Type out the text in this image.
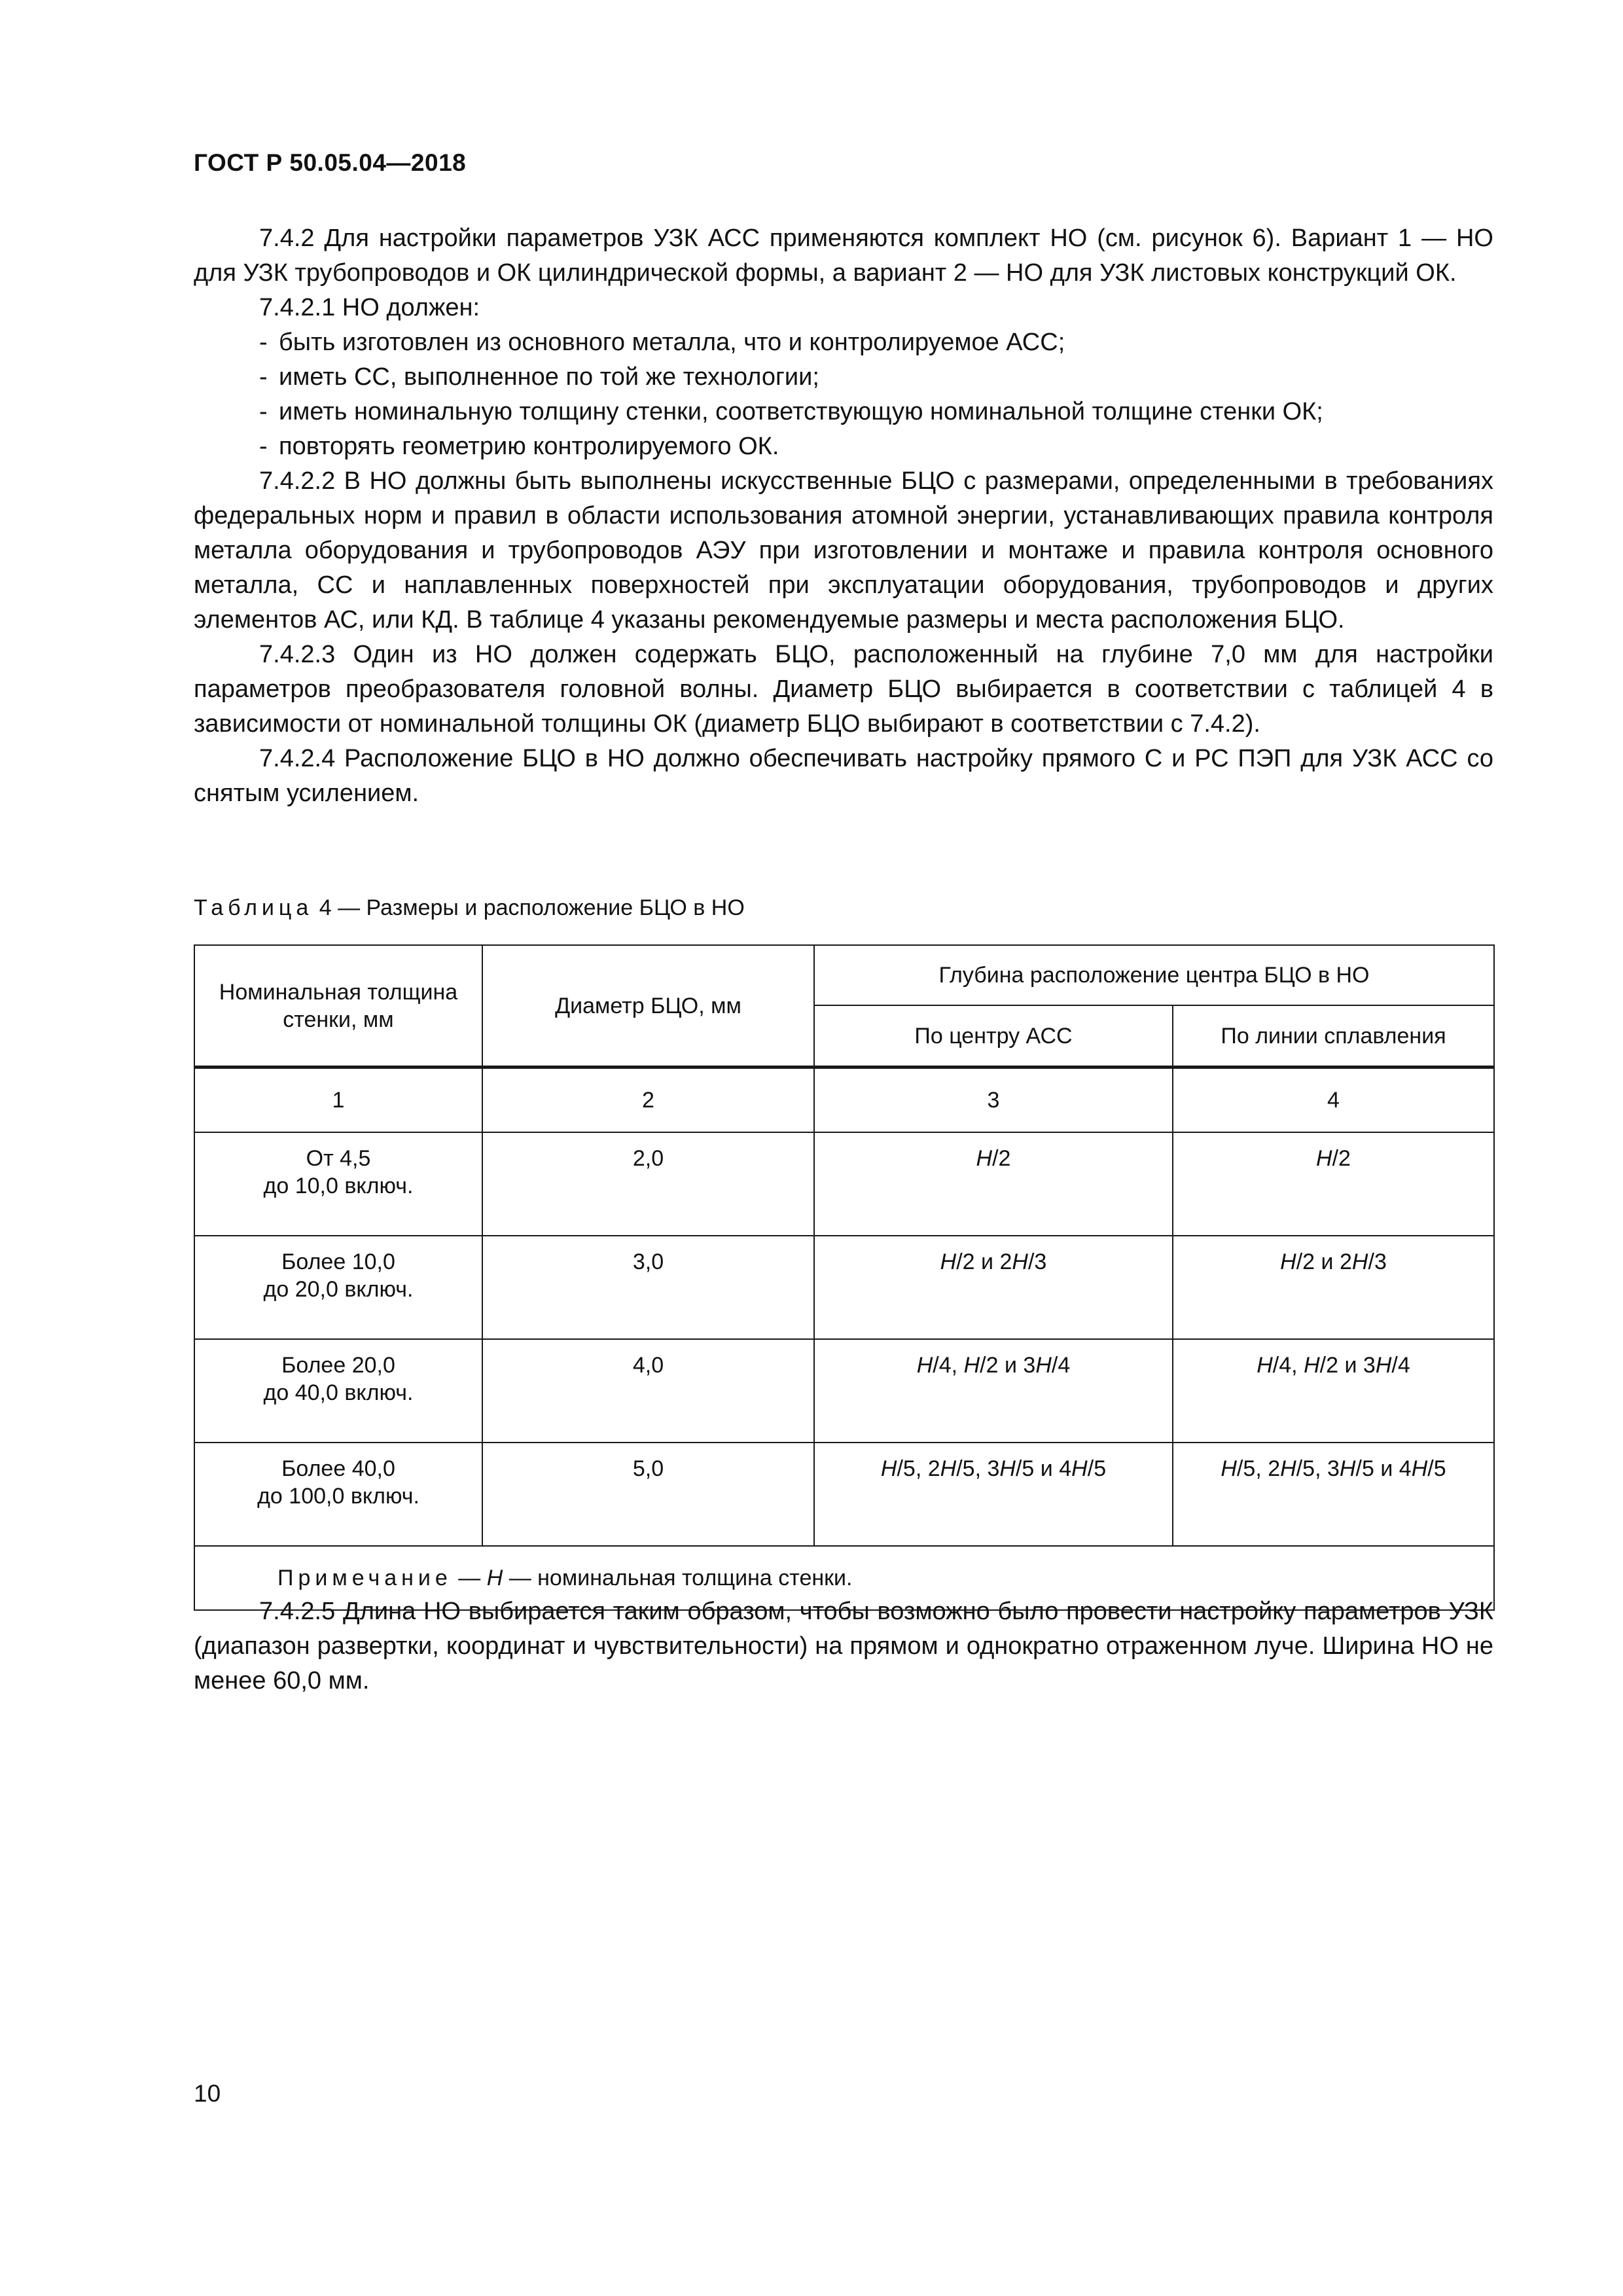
ГОСТ Р 50.05.04—2018

7.4.2 Для настройки параметров УЗК АСС применяются комплект НО (см. рисунок 6). Вариант 1 — НО для УЗК трубопроводов и ОК цилиндрической формы, а вариант 2 — НО для УЗК листовых конструкций ОК.

7.4.2.1 НО должен:

- быть изготовлен из основного металла, что и контролируемое АСС;
- иметь СС, выполненное по той же технологии;
- иметь номинальную толщину стенки, соответствующую номинальной толщине стенки ОК;
- повторять геометрию контролируемого ОК.

7.4.2.2 В НО должны быть выполнены искусственные БЦО с размерами, определенными в требованиях федеральных норм и правил в области использования атомной энергии, устанавливающих правила контроля металла оборудования и трубопроводов АЭУ при изготовлении и монтаже и правила контроля основного металла, СС и наплавленных поверхностей при эксплуатации оборудования, трубопроводов и других элементов АС, или КД. В таблице 4 указаны рекомендуемые размеры и места расположения БЦО.

7.4.2.3 Один из НО должен содержать БЦО, расположенный на глубине 7,0 мм для настройки параметров преобразователя головной волны. Диаметр БЦО выбирается в соответствии с таблицей 4 в зависимости от номинальной толщины ОК (диаметр БЦО выбирают в соответствии с 7.4.2).

7.4.2.4 Расположение БЦО в НО должно обеспечивать настройку прямого С и РС ПЭП для УЗК АСС со снятым усилением.

Таблица 4 — Размеры и расположение БЦО в НО
Номинальная толщина стенки, мм	Диаметр БЦО, мм	Глубина расположение центра БЦО в НО	
		По центру АСС	По линии сплавления
1	2	3	4
От 4,5
до 10,0 включ.	2,0	H/2	H/2
Более 10,0
до 20,0 включ.	3,0	H/2 и 2H/3	H/2 и 2H/3
Более 20,0
до 40,0 включ.	4,0	H/4, H/2 и 3H/4	H/4, H/2 и 3H/4
Более 40,0
до 100,0 включ.	5,0	H/5, 2H/5, 3H/5 и 4H/5	H/5, 2H/5, 3H/5 и 4H/5
Примечание — H — номинальная толщина стенки.			

7.4.2.5 Длина НО выбирается таким образом, чтобы возможно было провести настройку параметров УЗК (диапазон развертки, координат и чувствительности) на прямом и однократно отраженном луче. Ширина НО не менее 60,0 мм.

10
